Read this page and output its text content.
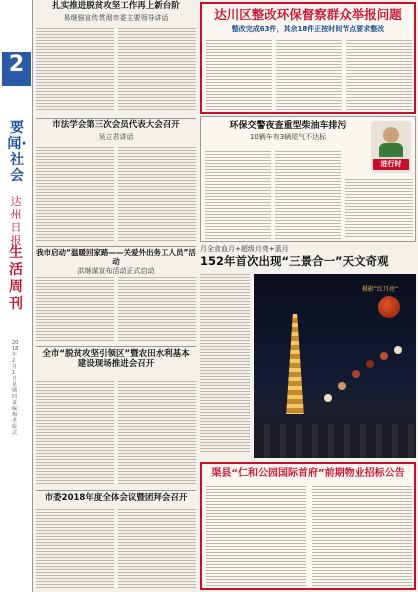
2
版
要闻·社会
达州日报
生活周刊
2018年2月1日 星期四 责编：梅 孝 版式
扎实推进脱贫攻坚工作再上新台阶
易继强宣传贯彻市委主要领导讲话
市法学会第三次会员代表大会召开
吴立君讲话
我市启动“温暖回家路——关爱外出务工人员”活动
洪继谋宣布活动正式启动
全市“脱贫攻坚引领区”暨农田水利基本建设现场推进会召开
市委2018年度全体会议暨团拜会召开
达川区整改环保督察群众举报问题
整改完成63件，其余18件正按时间节点要求整改
环保交警夜查重型柴油车排污
10辆车有3辆尾气不达标
进行时
月全食血月+超级月亮+蓝月
152年首次出现“三景合一”天文奇观
摄影”红月亮“
渠县“仁和公园国际首府”前期物业招标公告
